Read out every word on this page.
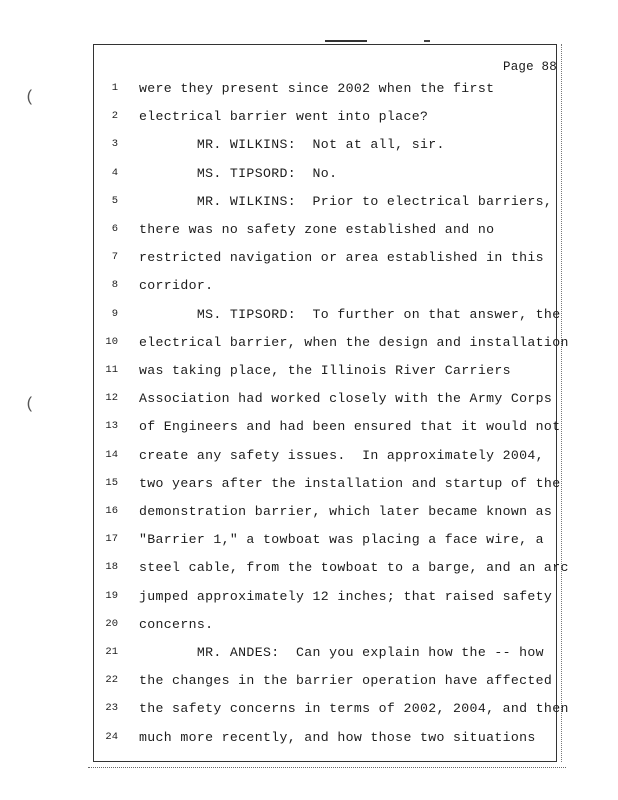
(
(
Page 88
1 were they present since 2002 when the first
2 electrical barrier went into place?
3 MR. WILKINS:  Not at all, sir.
4 MS. TIPSORD:  No.
5 MR. WILKINS:  Prior to electrical barriers,
6 there was no safety zone established and no
7 restricted navigation or area established in this
8 corridor.
9 MS. TIPSORD:  To further on that answer, the
10 electrical barrier, when the design and installation
11 was taking place, the Illinois River Carriers
12 Association had worked closely with the Army Corps
13 of Engineers and had been ensured that it would not
14 create any safety issues.  In approximately 2004,
15 two years after the installation and startup of the
16 demonstration barrier, which later became known as
17 "Barrier 1," a towboat was placing a face wire, a
18 steel cable, from the towboat to a barge, and an arc
19 jumped approximately 12 inches; that raised safety
20 concerns.
21 MR. ANDES:  Can you explain how the -- how
22 the changes in the barrier operation have affected
23 the safety concerns in terms of 2002, 2004, and then
24 much more recently, and how those two situations
